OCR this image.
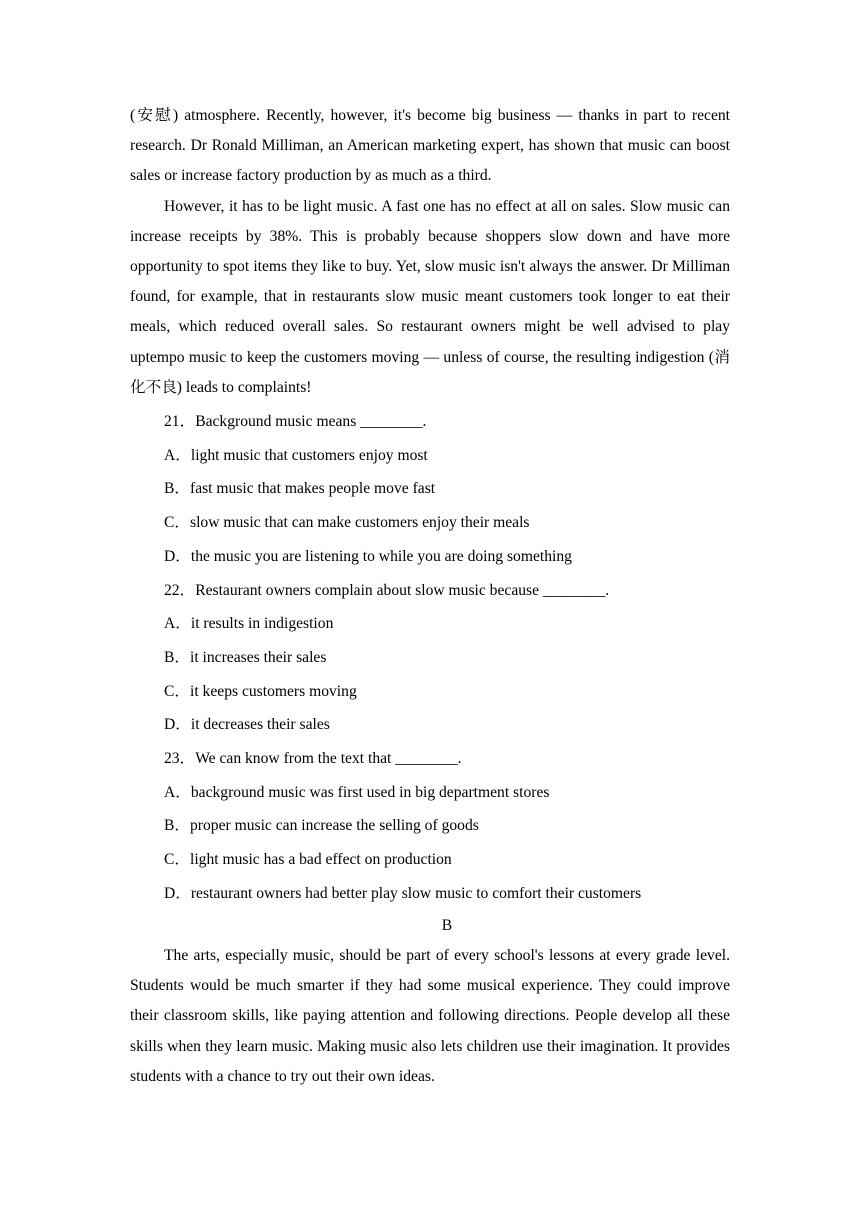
(安慰) atmosphere. Recently, however, it's become big business — thanks in part to recent research. Dr Ronald Milliman, an American marketing expert, has shown that music can boost sales or increase factory production by as much as a third.

However, it has to be light music. A fast one has no effect at all on sales. Slow music can increase receipts by 38%. This is probably because shoppers slow down and have more opportunity to spot items they like to buy. Yet, slow music isn't always the answer. Dr Milliman found, for example, that in restaurants slow music meant customers took longer to eat their meals, which reduced overall sales. So restaurant owners might be well advised to play uptempo music to keep the customers moving — unless of course, the resulting indigestion (消化不良) leads to complaints!

21．Background music means ________.

A．light music that customers enjoy most

B．fast music that makes people move fast

C．slow music that can make customers enjoy their meals

D．the music you are listening to while you are doing something

22．Restaurant owners complain about slow music because ________.

A．it results in indigestion

B．it increases their sales

C．it keeps customers moving

D．it decreases their sales

23．We can know from the text that ________.

A．background music was first used in big department stores

B．proper music can increase the selling of goods

C．light music has a bad effect on production

D．restaurant owners had better play slow music to comfort their customers

B

The arts, especially music, should be part of every school's lessons at every grade level. Students would be much smarter if they had some musical experience. They could improve their classroom skills, like paying attention and following directions. People develop all these skills when they learn music. Making music also lets children use their imagination. It provides students with a chance to try out their own ideas.
